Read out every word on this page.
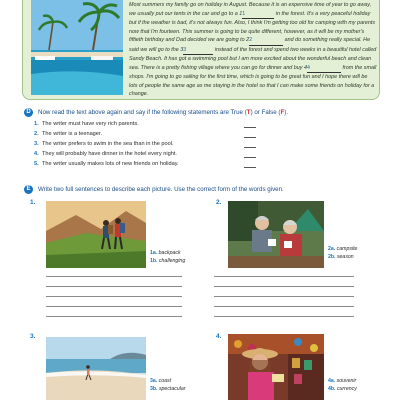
Most summers my family go on holiday in August. Because it is an expensive time of year to go away, we usually put our tents in the car and go to a 11	in the forest. It's a very peaceful holiday but if the weather is bad, it's not always fun. Also, I think I'm getting too old for camping with my parents now that I'm fourteen. This summer is going to be quite different, however, as it will be my mother's fiftieth birthday and Dad decided we are going to 22	and do something really special. He said we will go to the 33	instead of the forest and spend two weeks in a beautiful hotel called Sandy Beach. It has got a swimming pool but I am more excited about the wonderful beach and clean sea. There is a pretty fishing village where you can go for dinner and buy 44	from the small shops. I'm going to go sailing for the first time, which is going to be great fun and I hope there will be lots of people the same age as me staying in the hotel so that I can make some friends on holiday for a change.
D	Now read the text above again and say if the following statements are True (T) or False (F).
1. The writer must have very rich parents.
2. The writer is a teenager.
3. The writer prefers to swim in the sea than in the pool.
4. They will probably have dinner in the hotel every night.
5. The writer usually makes lots of new friends on holiday.
E	Write two full sentences to describe each picture. Use the correct form of the words given.
1.
1a. backpack
1b. challenging
2.
2a. campsite
2b. season
3.
3a. coast
3b. spectacular
4.
4a. souvenir
4b. currency
